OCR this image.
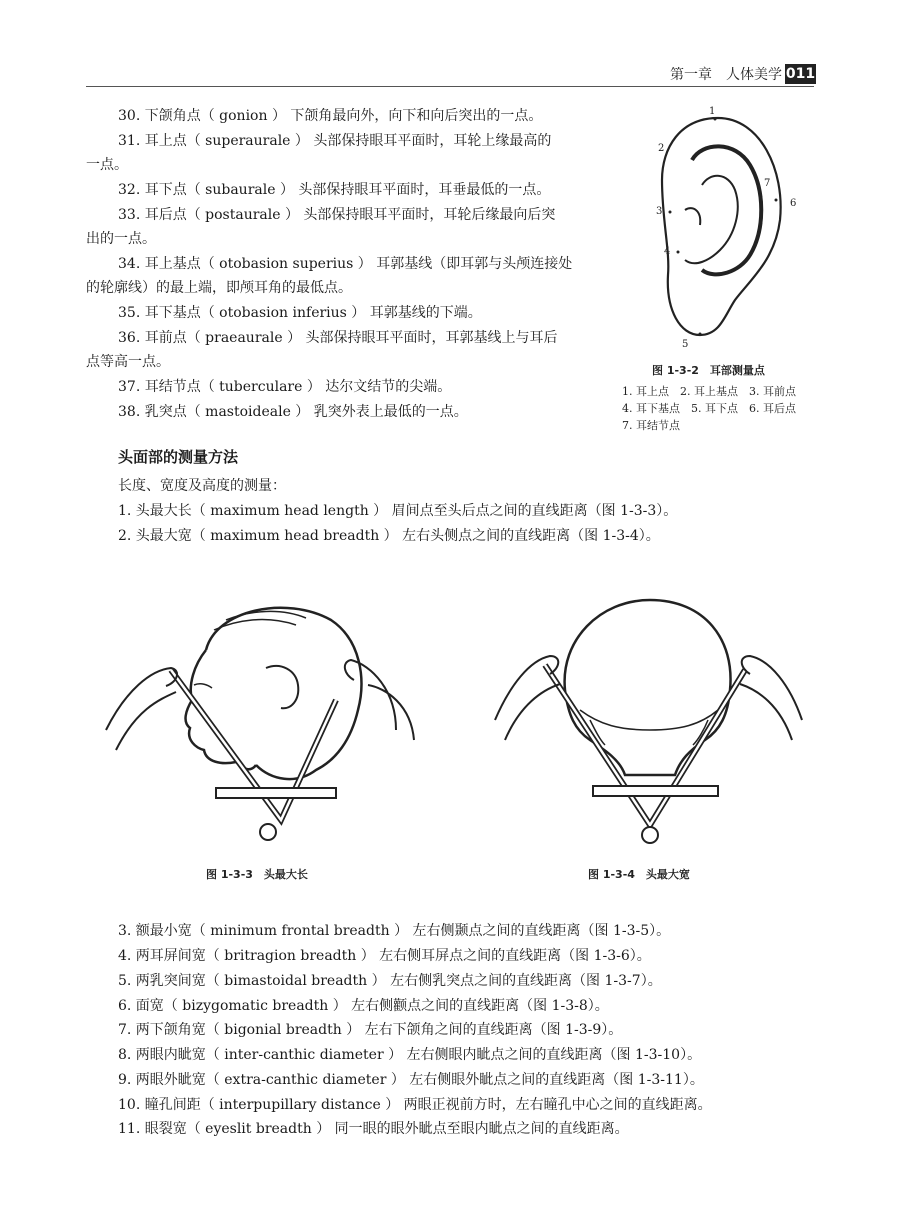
第一章　人体美学 011
30. 下颌角点（ gonion ） 下颌角最向外，向下和向后突出的一点。
31. 耳上点（ superaurale ） 头部保持眼耳平面时，耳轮上缘最高的
一点。
32. 耳下点（ subaurale ） 头部保持眼耳平面时，耳垂最低的一点。
33. 耳后点（ postaurale ） 头部保持眼耳平面时，耳轮后缘最向后突
出的一点。
34. 耳上基点（ otobasion superius ） 耳郭基线（即耳郭与头颅连接处
的轮廓线）的最上端，即颅耳角的最低点。
35. 耳下基点（ otobasion inferius ） 耳郭基线的下端。
36. 耳前点（ praeaurale ） 头部保持眼耳平面时，耳郭基线上与耳后
点等高一点。
37. 耳结节点（ tuberculare ） 达尔文结节的尖端。
38. 乳突点（ mastoideale ） 乳突外表上最低的一点。
1
2
3
4
5
6
7
图 1-3-2　耳部测量点
1. 耳上点　2. 耳上基点　3. 耳前点
4. 耳下基点　5. 耳下点　6. 耳后点
7. 耳结节点
头面部的测量方法
长度、宽度及高度的测量：
1. 头最大长（ maximum head length ） 眉间点至头后点之间的直线距离（图 1-3-3）。
2. 头最大宽（ maximum head breadth ） 左右头侧点之间的直线距离（图 1-3-4）。
图 1-3-3　头最大长	图 1-3-4　头最大宽
3. 额最小宽（ minimum frontal breadth ） 左右侧颞点之间的直线距离（图 1-3-5）。
4. 两耳屏间宽（ britragion breadth ） 左右侧耳屏点之间的直线距离（图 1-3-6）。
5. 两乳突间宽（ bimastoidal breadth ） 左右侧乳突点之间的直线距离（图 1-3-7）。
6. 面宽（ bizygomatic breadth ） 左右侧颧点之间的直线距离（图 1-3-8）。
7. 两下颌角宽（ bigonial breadth ） 左右下颌角之间的直线距离（图 1-3-9）。
8. 两眼内眦宽（ inter-canthic diameter ） 左右侧眼内眦点之间的直线距离（图 1-3-10）。
9. 两眼外眦宽（ extra-canthic diameter ） 左右侧眼外眦点之间的直线距离（图 1-3-11）。
10. 瞳孔间距（ interpupillary distance ） 两眼正视前方时，左右瞳孔中心之间的直线距离。
11. 眼裂宽（ eyeslit breadth ） 同一眼的眼外眦点至眼内眦点之间的直线距离。
